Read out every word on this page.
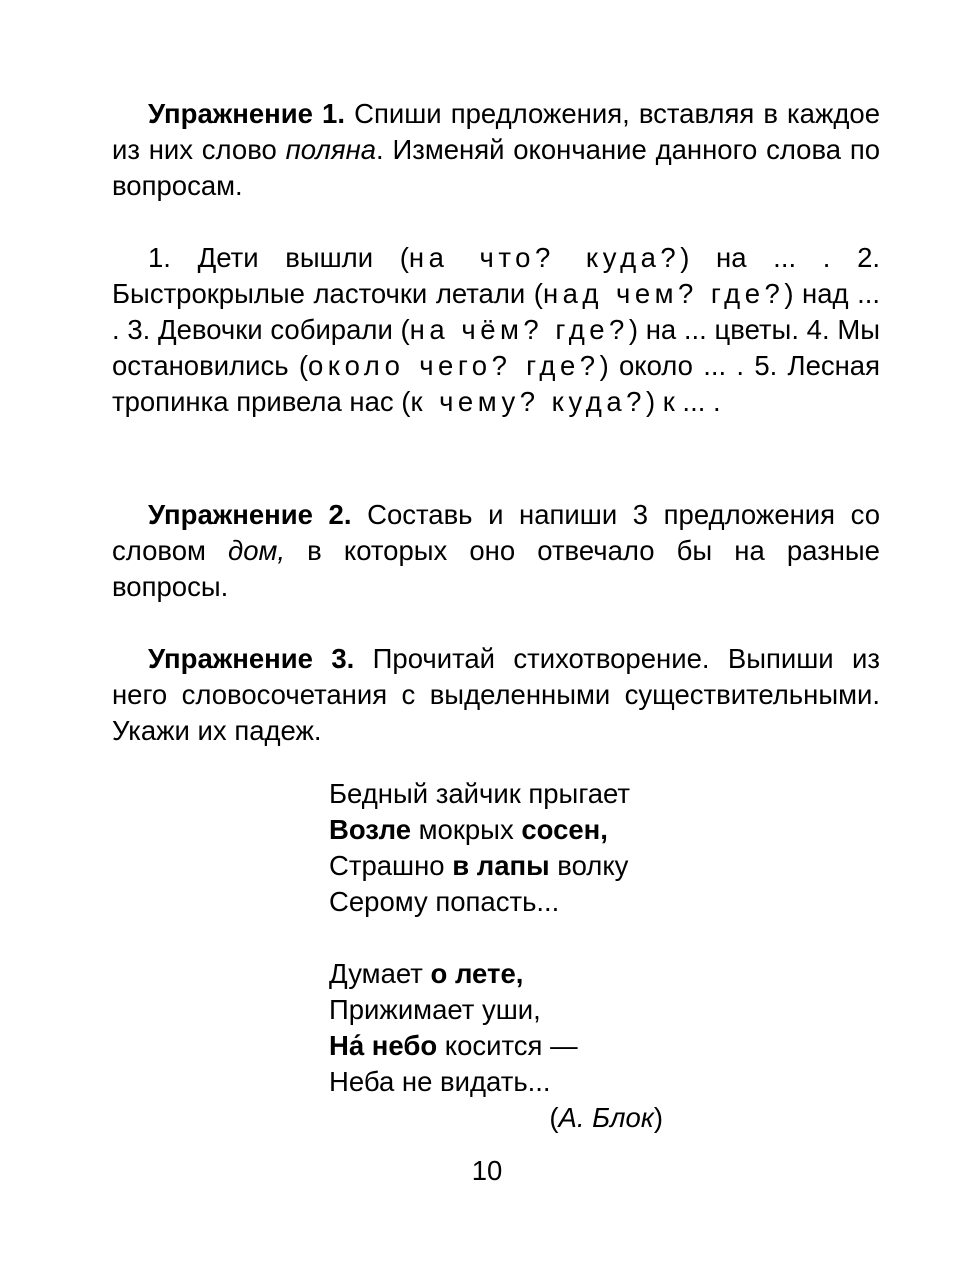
Упражнение 1. Спиши предложения, вставляя в каждое из них слово поляна. Изменяй окончание данного слова по вопросам.

1. Дети вышли (на что? куда?) на ... . 2. Быстрокрылые ласточки летали (над чем? где?) над ... . 3. Девочки собирали (на чём? где?) на ... цветы. 4. Мы остановились (около чего? где?) около ... . 5. Лесная тропинка привела нас (к чему? куда?) к ... .

Упражнение 2. Составь и напиши 3 предложения со словом дом, в которых оно отвечало бы на разные вопросы.

Упражнение 3. Прочитай стихотворение. Выпиши из него словосочетания с выделенными существительными. Укажи их падеж.

Бедный зайчик прыгает
Возле мокрых сосен,
Страшно в лапы волку
Серому попасть...
Думает о лете,
Прижимает уши,
На́ небо косится —
Неба не видать...
(А. Блок)
10
